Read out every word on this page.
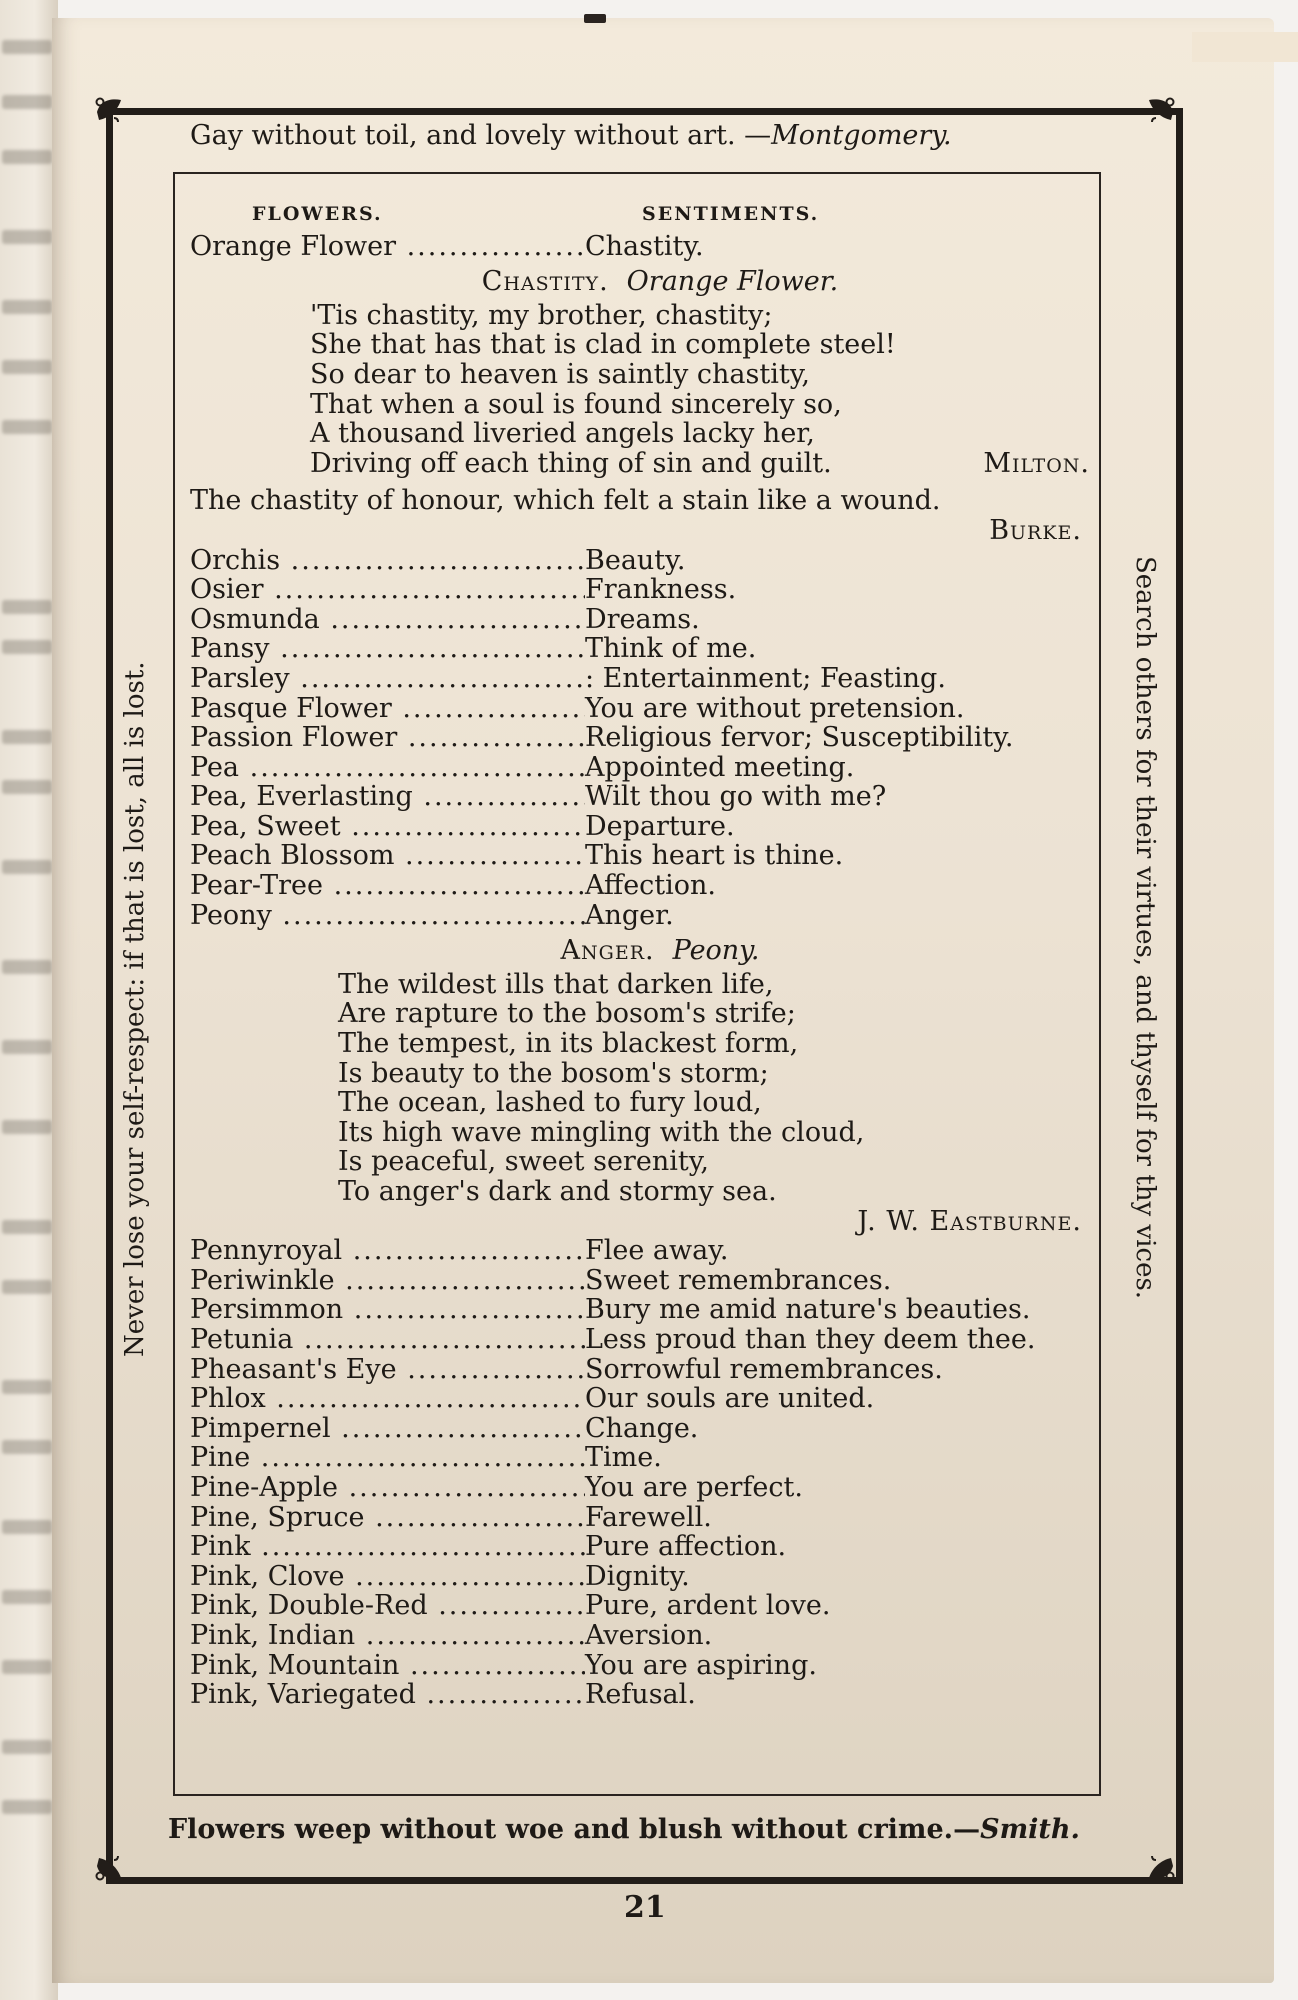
Gay without toil, and lovely without art. —Montgomery.
Never lose your self-respect: if that is lost, all is lost.	Search others for their virtues, and thyself for thy vices.
FLOWERS.	SENTIMENTS.
Orange Flower .....	Chastity.
Chastity. Orange Flower.
'Tis chastity, my brother, chastity;
She that has that is clad in complete steel!
So dear to heaven is saintly chastity,
That when a soul is found sincerely so,
A thousand liveried angels lacky her,
Driving off each thing of sin and guilt.	Milton.
The chastity of honour, which felt a stain like a wound.
Burke.
Orchis .....	Beauty.
Osier .....	Frankness.
Osmunda .....	Dreams.
Pansy .....	Think of me.
Parsley .....	: Entertainment; Feasting.
Pasque Flower .....	You are without pretension.
Passion Flower .....	Religious fervor; Susceptibility.
Pea .....	Appointed meeting.
Pea, Everlasting .....	Wilt thou go with me?
Pea, Sweet .....	Departure.
Peach Blossom .....	This heart is thine.
Pear-Tree .....	Affection.
Peony .....	Anger.
Anger. Peony.
The wildest ills that darken life,
Are rapture to the bosom's strife;
The tempest, in its blackest form,
Is beauty to the bosom's storm;
The ocean, lashed to fury loud,
Its high wave mingling with the cloud,
Is peaceful, sweet serenity,
To anger's dark and stormy sea.
J. W. Eastburne.
Pennyroyal .....	Flee away.
Periwinkle .....	Sweet remembrances.
Persimmon .....	Bury me amid nature's beauties.
Petunia .....	Less proud than they deem thee.
Pheasant's Eye .....	Sorrowful remembrances.
Phlox .....	Our souls are united.
Pimpernel .....	Change.
Pine .....	Time.
Pine-Apple .....	You are perfect.
Pine, Spruce .....	Farewell.
Pink .....	Pure affection.
Pink, Clove .....	Dignity.
Pink, Double-Red .....	Pure, ardent love.
Pink, Indian .....	Aversion.
Pink, Mountain .....	You are aspiring.
Pink, Variegated .....	Refusal.
Flowers weep without woe and blush without crime.—Smith.
21
